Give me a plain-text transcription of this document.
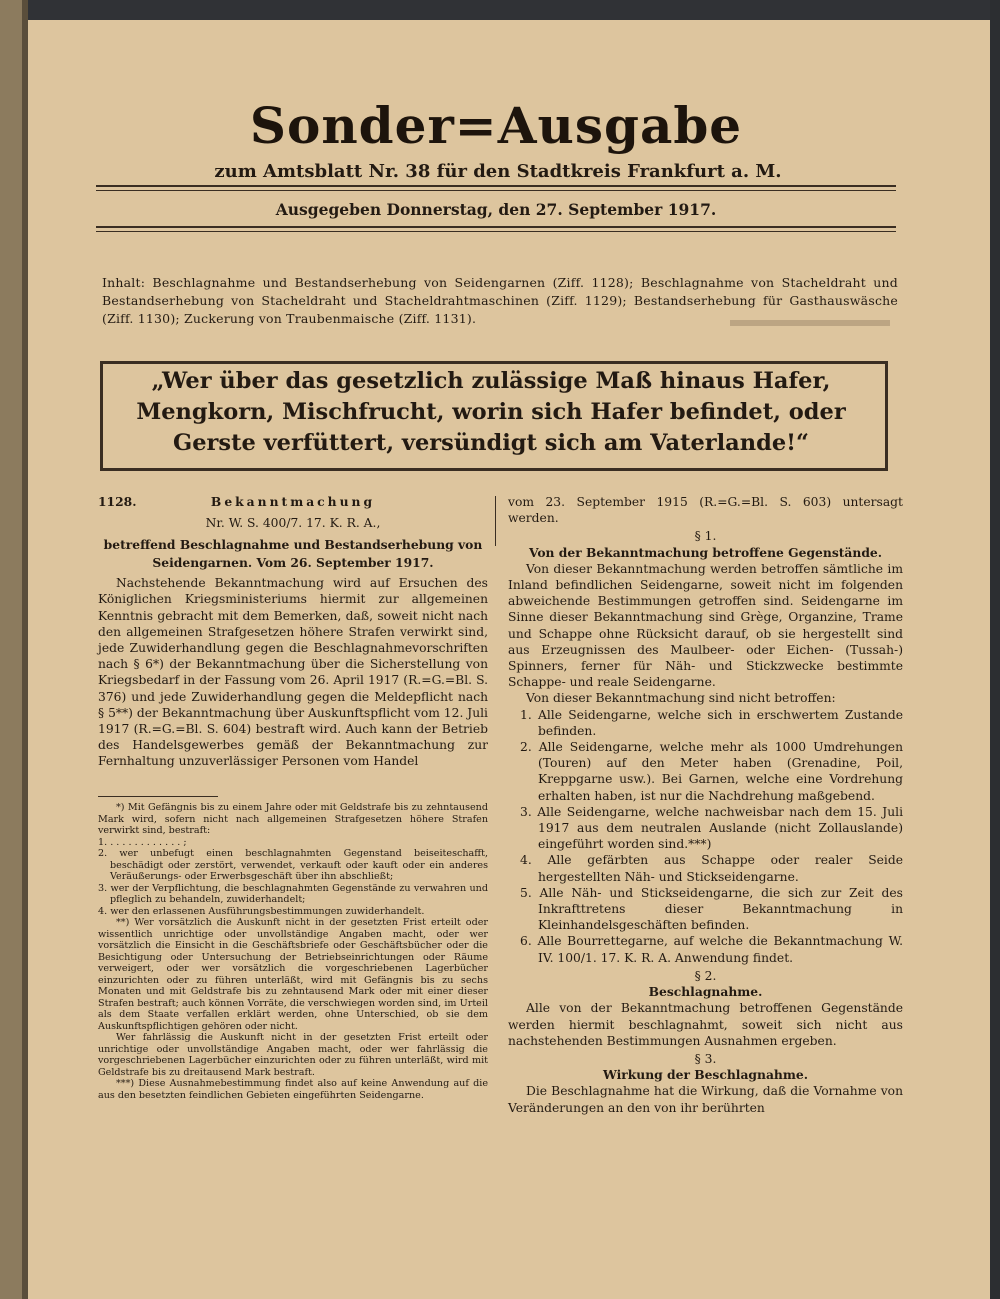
Sonder=Ausgabe
zum Amtsblatt Nr. 38 für den Stadtkreis Frankfurt a. M.
Ausgegeben Donnerstag, den 27. September 1917.
Inhalt: Beschlagnahme und Bestandserhebung von Seidengarnen (Ziff. 1128); Beschlagnahme von Stacheldraht und Bestandserhebung von Stacheldraht und Stacheldrahtmaschinen (Ziff. 1129); Bestandserhebung für Gasthauswäsche (Ziff. 1130); Zuckerung von Traubenmaische (Ziff. 1131).
„Wer über das gesetzlich zulässige Maß hinaus Hafer,
Mengkorn, Mischfrucht, worin sich Hafer befindet, oder
Gerste verfüttert, versündigt sich am Vaterlande!“
1128.	Bekanntmachung

Nr. W. S. 400/7. 17. K. R. A.,

betreffend Beschlagnahme und Bestandserhebung von Seidengarnen. Vom 26. September 1917.

Nachstehende Bekanntmachung wird auf Ersuchen des Königlichen Kriegsministeriums hiermit zur allgemeinen Kenntnis gebracht mit dem Bemerken, daß, soweit nicht nach den allgemeinen Strafgesetzen höhere Strafen verwirkt sind, jede Zuwiderhandlung gegen die Beschlagnahmevorschriften nach § 6*) der Bekanntmachung über die Sicherstellung von Kriegsbedarf in der Fassung vom 26. April 1917 (R.=G.=Bl. S. 376) und jede Zuwiderhandlung gegen die Meldepflicht nach § 5**) der Bekanntmachung über Auskunftspflicht vom 12. Juli 1917 (R.=G.=Bl. S. 604) bestraft wird. Auch kann der Betrieb des Handelsgewerbes gemäß der Bekanntmachung zur Fernhaltung unzuverlässiger Personen vom Handel

*) Mit Gefängnis bis zu einem Jahre oder mit Geldstrafe bis zu zehntausend Mark wird, sofern nicht nach allgemeinen Strafgesetzen höhere Strafen verwirkt sind, bestraft:

1. . . . . . . . . . . . . ;

2. wer unbefugt einen beschlagnahmten Gegenstand beiseiteschafft, beschädigt oder zerstört, verwendet, verkauft oder kauft oder ein anderes Veräußerungs- oder Erwerbsgeschäft über ihn abschließt;

3. wer der Verpflichtung, die beschlagnahmten Gegenstände zu verwahren und pfleglich zu behandeln, zuwiderhandelt;

4. wer den erlassenen Ausführungsbestimmungen zuwiderhandelt.

**) Wer vorsätzlich die Auskunft nicht in der gesetzten Frist erteilt oder wissentlich unrichtige oder unvollständige Angaben macht, oder wer vorsätzlich die Einsicht in die Geschäftsbriefe oder Geschäftsbücher oder die Besichtigung oder Untersuchung der Betriebseinrichtungen oder Räume verweigert, oder wer vorsätzlich die vorgeschriebenen Lagerbücher einzurichten oder zu führen unterläßt, wird mit Gefängnis bis zu sechs Monaten und mit Geldstrafe bis zu zehntausend Mark oder mit einer dieser Strafen bestraft; auch können Vorräte, die verschwiegen worden sind, im Urteil als dem Staate verfallen erklärt werden, ohne Unterschied, ob sie dem Auskunftspflichtigen gehören oder nicht.

Wer fahrlässig die Auskunft nicht in der gesetzten Frist erteilt oder unrichtige oder unvollständige Angaben macht, oder wer fahrlässig die vorgeschriebenen Lagerbücher einzurichten oder zu führen unterläßt, wird mit Geldstrafe bis zu dreitausend Mark bestraft.

***) Diese Ausnahmebestimmung findet also auf keine Anwendung auf die aus den besetzten feindlichen Gebieten eingeführten Seidengarne.

vom 23. September 1915 (R.=G.=Bl. S. 603) untersagt werden.

§ 1.

Von der Bekanntmachung betroffene Gegenstände.

Von dieser Bekanntmachung werden betroffen sämtliche im Inland befindlichen Seidengarne, soweit nicht im folgenden abweichende Bestimmungen getroffen sind. Seidengarne im Sinne dieser Bekanntmachung sind Grège, Organzine, Trame und Schappe ohne Rücksicht darauf, ob sie hergestellt sind aus Erzeugnissen des Maulbeer- oder Eichen- (Tussah-) Spinners, ferner für Näh- und Stickzwecke bestimmte Schappe- und reale Seidengarne.

Von dieser Bekanntmachung sind nicht betroffen:

1. Alle Seidengarne, welche sich in erschwertem Zustande befinden.

2. Alle Seidengarne, welche mehr als 1000 Umdrehungen (Touren) auf den Meter haben (Grenadine, Poil, Kreppgarne usw.). Bei Garnen, welche eine Vordrehung erhalten haben, ist nur die Nachdrehung maßgebend.

3. Alle Seidengarne, welche nachweisbar nach dem 15. Juli 1917 aus dem neutralen Auslande (nicht Zollauslande) eingeführt worden sind.***)

4. Alle gefärbten aus Schappe oder realer Seide hergestellten Näh- und Stickseidengarne.

5. Alle Näh- und Stickseidengarne, die sich zur Zeit des Inkrafttretens dieser Bekanntmachung in Kleinhandelsgeschäften befinden.

6. Alle Bourrettegarne, auf welche die Bekanntmachung W. IV. 100/1. 17. K. R. A. Anwendung findet.

§ 2.

Beschlagnahme.

Alle von der Bekanntmachung betroffenen Gegenstände werden hiermit beschlagnahmt, soweit sich nicht aus nachstehenden Bestimmungen Ausnahmen ergeben.

§ 3.

Wirkung der Beschlagnahme.

Die Beschlagnahme hat die Wirkung, daß die Vornahme von Veränderungen an den von ihr berührten
